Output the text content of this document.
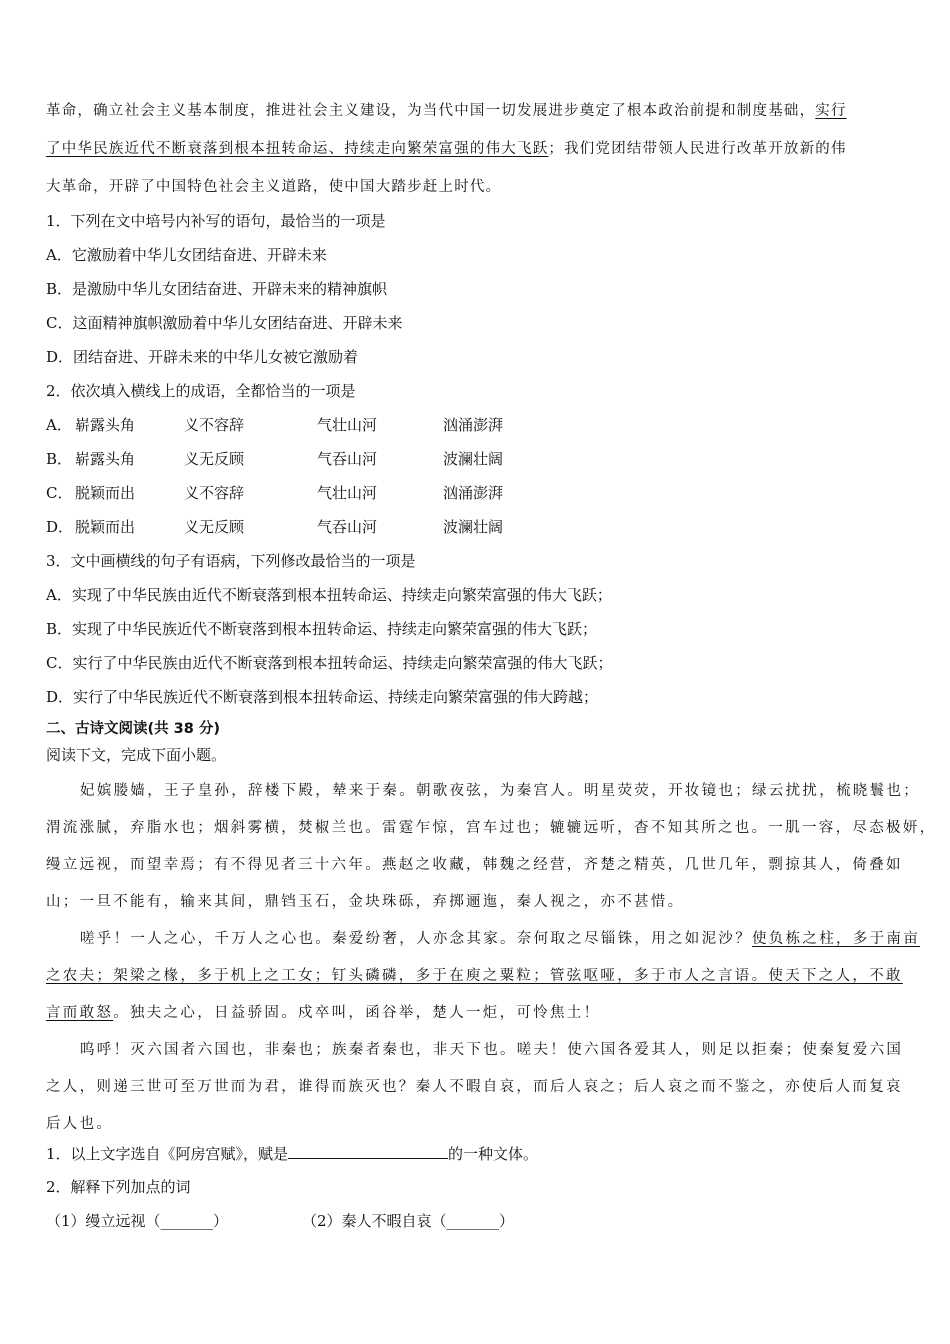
革命，确立社会主义基本制度，推进社会主义建设，为当代中国一切发展进步奠定了根本政治前提和制度基础，实行
了中华民族近代不断衰落到根本扭转命运、持续走向繁荣富强的伟大飞跃；我们党团结带领人民进行改革开放新的伟
大革命，开辟了中国特色社会主义道路，使中国大踏步赶上时代。
1．下列在文中培号内补写的语句，最恰当的一项是
A．它激励着中华儿女团结奋进、开辟未来
B．是激励中华儿女团结奋进、开辟未来的精神旗帜
C．这面精神旗帜激励着中华儿女团结奋进、开辟未来
D．团结奋进、开辟未来的中华儿女被它激励着
2．依次填入横线上的成语，全都恰当的一项是
A． 崭露头角	义不容辞	气壮山河	汹涌澎湃
B． 崭露头角	义无反顾	气吞山河	波澜壮阔
C． 脱颖而出	义不容辞	气壮山河	汹涌澎湃
D． 脱颖而出	义无反顾	气吞山河	波澜壮阔
3．文中画横线的句子有语病，下列修改最恰当的一项是
A．实现了中华民族由近代不断衰落到根本扭转命运、持续走向繁荣富强的伟大飞跃；
B．实现了中华民族近代不断衰落到根本扭转命运、持续走向繁荣富强的伟大飞跃；
C．实行了中华民族由近代不断衰落到根本扭转命运、持续走向繁荣富强的伟大飞跃；
D．实行了中华民族近代不断衰落到根本扭转命运、持续走向繁荣富强的伟大跨越；
二、古诗文阅读(共 38 分)
阅读下文，完成下面小题。
妃嫔媵嫱，王子皇孙，辞楼下殿，辇来于秦。朝歌夜弦，为秦宫人。明星荧荧，开妆镜也；绿云扰扰，梳晓鬟也；
渭流涨腻，弃脂水也；烟斜雾横，焚椒兰也。雷霆乍惊，宫车过也；辘辘远听，杳不知其所之也。一肌一容，尽态极妍，
缦立远视，而望幸焉；有不得见者三十六年。燕赵之收藏，韩魏之经营，齐楚之精英，几世几年，剽掠其人，倚叠如
山；一旦不能有，输来其间，鼎铛玉石，金块珠砾，弃掷逦迤，秦人视之，亦不甚惜。
嗟乎！一人之心，千万人之心也。秦爱纷奢，人亦念其家。奈何取之尽锱铢，用之如泥沙？使负栋之柱，多于南亩
之农夫；架梁之椽，多于机上之工女；钉头磷磷，多于在庾之粟粒；管弦呕哑，多于市人之言语。使天下之人，不敢
言而敢怒。独夫之心，日益骄固。戍卒叫，函谷举，楚人一炬，可怜焦土！
呜呼！灭六国者六国也，非秦也；族秦者秦也，非天下也。嗟夫！使六国各爱其人，则足以拒秦；使秦复爱六国
之人，则递三世可至万世而为君，谁得而族灭也？秦人不暇自哀，而后人哀之；后人哀之而不鉴之，亦使后人而复哀
后人也。
1．以上文字选自《阿房宫赋》，赋是	的一种文体。
2．解释下列加点的词
（1）缦立远视（_______）	（2）秦人不暇自哀（_______）
